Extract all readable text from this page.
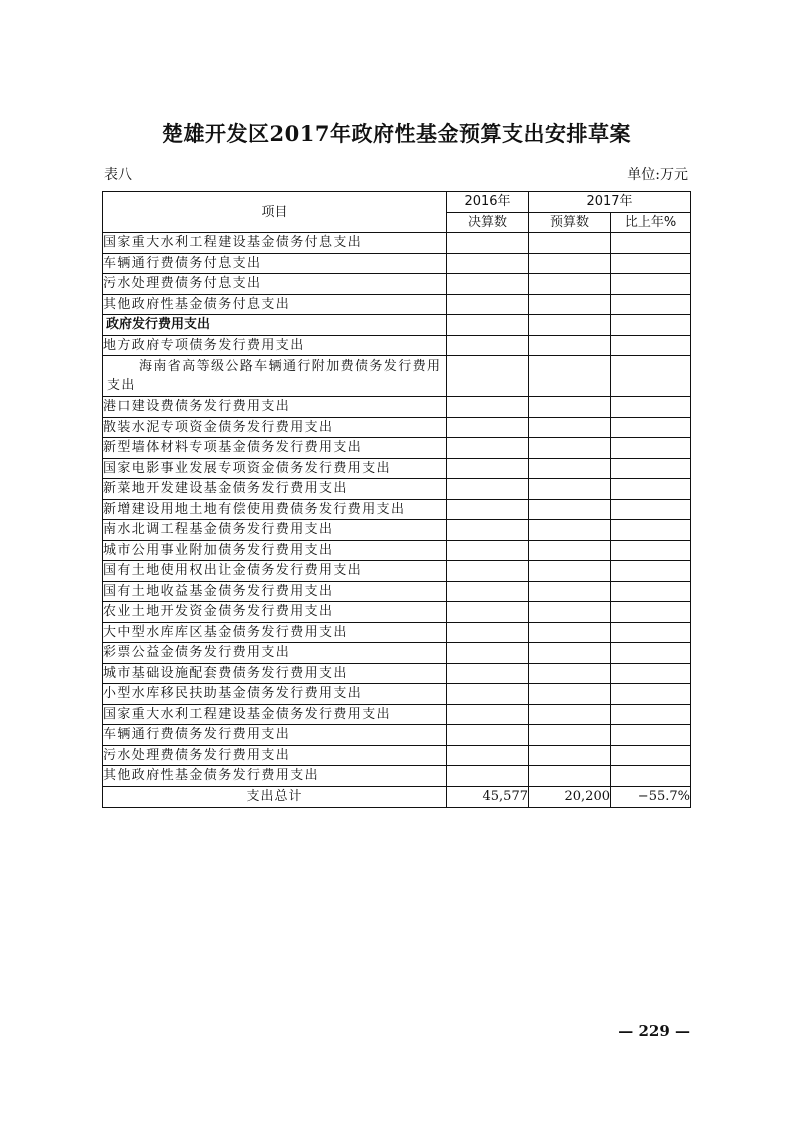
楚雄开发区2017年政府性基金预算支出安排草案
表八	单位:万元
项目	2016年	2017年	
	决算数	预算数	比上年%
国家重大水利工程建设基金债务付息支出			
车辆通行费债务付息支出			
污水处理费债务付息支出			
其他政府性基金债务付息支出			
政府发行费用支出			
地方政府专项债务发行费用支出			
海南省高等级公路车辆通行附加费债务发行费用支出			
港口建设费债务发行费用支出			
散装水泥专项资金债务发行费用支出			
新型墙体材料专项基金债务发行费用支出			
国家电影事业发展专项资金债务发行费用支出			
新菜地开发建设基金债务发行费用支出			
新增建设用地土地有偿使用费债务发行费用支出			
南水北调工程基金债务发行费用支出			
城市公用事业附加债务发行费用支出			
国有土地使用权出让金债务发行费用支出			
国有土地收益基金债务发行费用支出			
农业土地开发资金债务发行费用支出			
大中型水库库区基金债务发行费用支出			
彩票公益金债务发行费用支出			
城市基础设施配套费债务发行费用支出			
小型水库移民扶助基金债务发行费用支出			
国家重大水利工程建设基金债务发行费用支出			
车辆通行费债务发行费用支出			
污水处理费债务发行费用支出			
其他政府性基金债务发行费用支出			
支出总计	45,577	20,200	−55.7%
— 229 —
